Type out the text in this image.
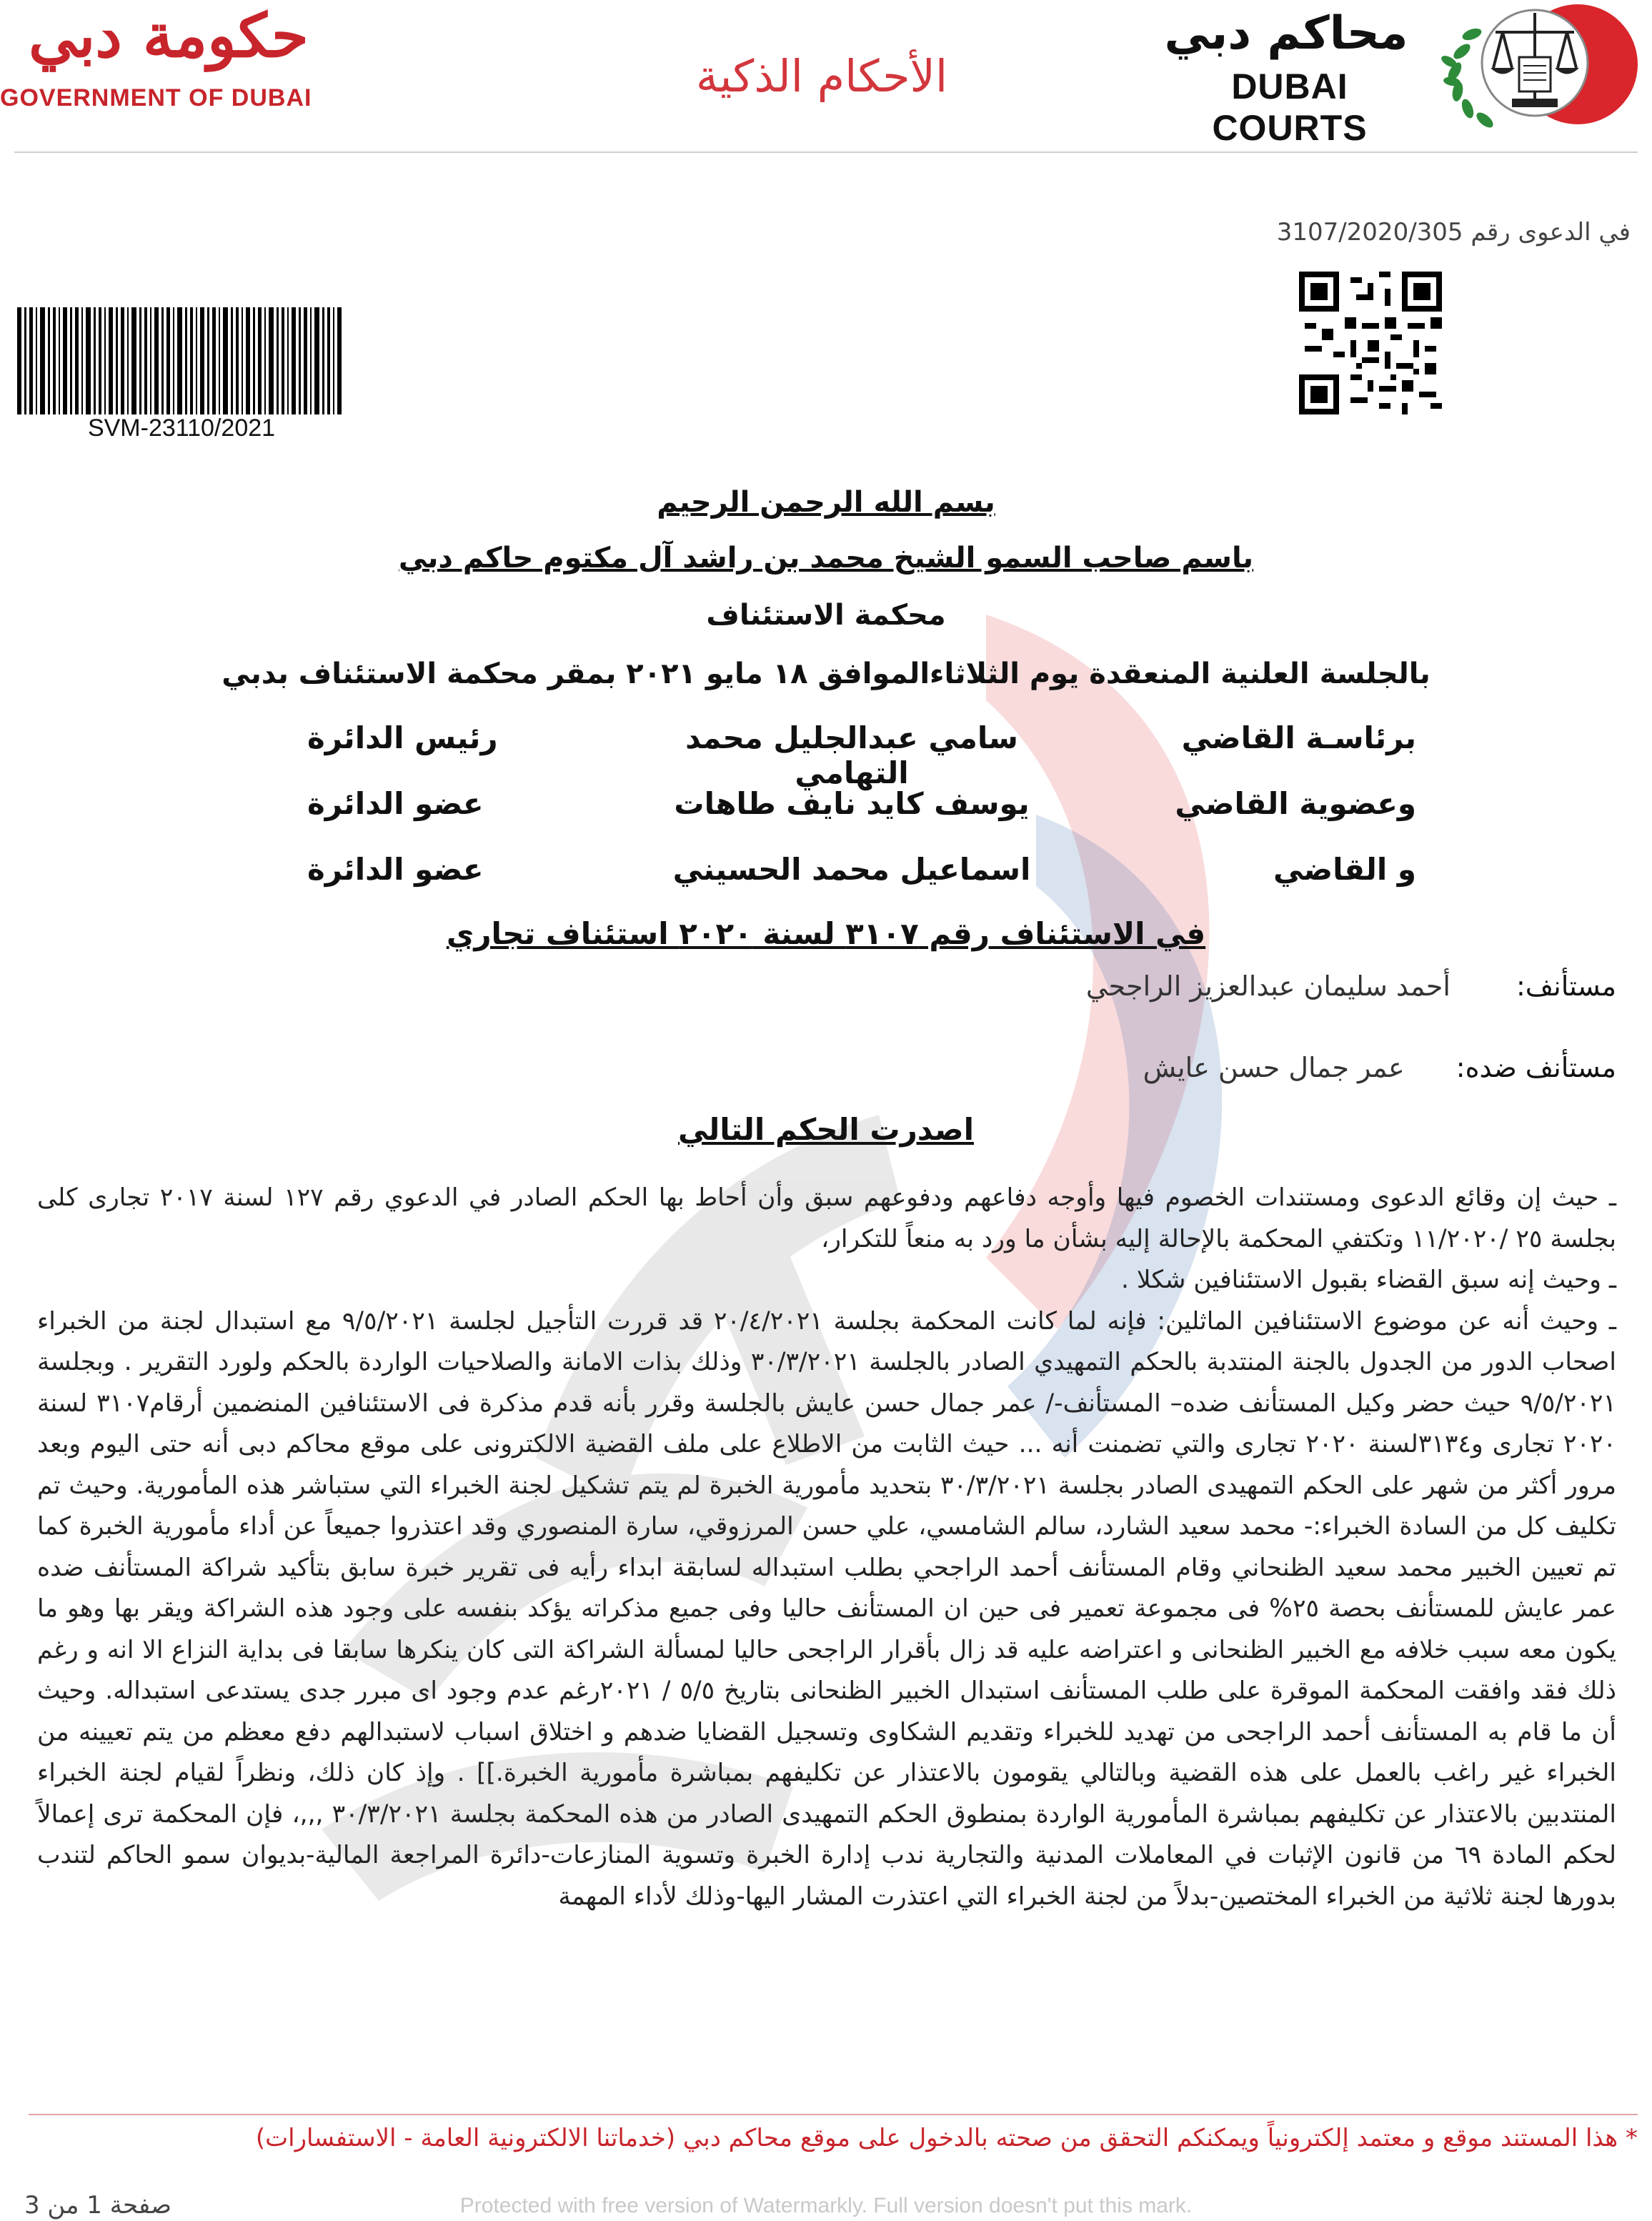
حكومة دبي
GOVERNMENT OF DUBAI	الأحكام الذكية
محاكم دبي
DUBAI COURTS
في الدعوى رقم 3107/2020/305
SVM-23110/2021
بسم الله الرحمن الرحيم
باسم صاحب السمو الشيخ محمد بن راشد آل مكتوم حاكم دبي
محكمة الاستئناف
بالجلسة العلنية المنعقدة يوم الثلاثاءالموافق ١٨ مايو ٢٠٢١ بمقر محكمة الاستئناف بدبي
برئاسـة القاضي
سامي عبدالجليل محمد التهامي
رئيس الدائرة
وعضوية القاضي
يوسف كايد نايف طاهات
عضو الدائرة
و القاضي
اسماعيل محمد الحسيني
عضو الدائرة
في الاستئناف رقم ٣١٠٧ لسنة ٢٠٢٠ استئناف تجاري
مستأنف: أحمد سليمان عبدالعزيز الراجحي
مستأنف ضده: عمر جمال حسن عايش
اصدرت الحكم التالي

ـ حيث إن وقائع الدعوى ومستندات الخصوم فيها وأوجه دفاعهم ودفوعهم سبق وأن أحاط بها الحكم الصادر في الدعوي رقم ١٢٧ لسنة ٢٠١٧ تجارى كلى بجلسة ٢٥ /١١/٢٠٢٠ وتكتفي المحكمة بالإحالة إليه بشأن ما ورد به منعاً للتكرار،

ـ وحيث إنه سبق القضاء بقبول الاستئنافين شكلا .

ـ وحيث أنه عن موضوع الاستئنافين الماثلين: فإنه لما كانت المحكمة بجلسة ٢٠/٤/٢٠٢١ قد قررت التأجيل لجلسة ٩/٥/٢٠٢١ مع استبدال لجنة من الخبراء اصحاب الدور من الجدول بالجنة المنتدبة بالحكم التمهيدي الصادر بالجلسة ٣٠/٣/٢٠٢١ وذلك بذات الامانة والصلاحيات الواردة بالحكم ولورد التقرير . وبجلسة ٩/٥/٢٠٢١ حيث حضر وكيل المستأنف ضده– المستأنف-/ عمر جمال حسن عايش بالجلسة وقرر بأنه قدم مذكرة فى الاستئنافين المنضمين أرقام٣١٠٧ لسنة ٢٠٢٠ تجارى و٣١٣٤لسنة ٢٠٢٠ تجارى والتي تضمنت أنه ... حيث الثابت من الاطلاع على ملف القضية الالكترونى على موقع محاكم دبى أنه حتى اليوم وبعد مرور أكثر من شهر على الحكم التمهيدى الصادر بجلسة ٣٠/٣/٢٠٢١ بتحديد مأمورية الخبرة لم يتم تشكيل لجنة الخبراء التي ستباشر هذه المأمورية. وحيث تم تكليف كل من السادة الخبراء:- محمد سعيد الشارد، سالم الشامسي، علي حسن المرزوقي، سارة المنصوري وقد اعتذروا جميعاً عن أداء مأمورية الخبرة كما تم تعيين الخبير محمد سعيد الظنحاني وقام المستأنف أحمد الراجحي بطلب استبداله لسابقة ابداء رأيه فى تقرير خبرة سابق بتأكيد شراكة المستأنف ضده عمر عايش للمستأنف بحصة ٢٥% فى مجموعة تعمير فى حين ان المستأنف حاليا وفى جميع مذكراته يؤكد بنفسه على وجود هذه الشراكة ويقر بها وهو ما يكون معه سبب خلافه مع الخبير الظنحانى و اعتراضه عليه قد زال بأقرار الراجحى حاليا لمسألة الشراكة التى كان ينكرها سابقا فى بداية النزاع الا انه و رغم ذلك فقد وافقت المحكمة الموقرة على طلب المستأنف استبدال الخبير الظنحانى بتاريخ ٥/٥ / ٢٠٢١رغم عدم وجود اى مبرر جدى يستدعى استبداله. وحيث أن ما قام به المستأنف أحمد الراجحى من تهديد للخبراء وتقديم الشكاوى وتسجيل القضايا ضدهم و اختلاق اسباب لاستبدالهم دفع معظم من يتم تعيينه من الخبراء غير راغب بالعمل على هذه القضية وبالتالي يقومون بالاعتذار عن تكليفهم بمباشرة مأمورية الخبرة.]] . وإذ كان ذلك، ونظراً لقيام لجنة الخبراء المنتدبين بالاعتذار عن تكليفهم بمباشرة المأمورية الواردة بمنطوق الحكم التمهيدى الصادر من هذه المحكمة بجلسة ٣٠/٣/٢٠٢١ ,,,، فإن المحكمة ترى إعمالاً لحكم المادة ٦٩ من قانون الإثبات في المعاملات المدنية والتجارية ندب إدارة الخبرة وتسوية المنازعات-دائرة المراجعة المالية-بديوان سمو الحاكم لتندب بدورها لجنة ثلاثية من الخبراء المختصين-بدلاً من لجنة الخبراء التي اعتذرت المشار اليها-وذلك لأداء المهمة

* هذا المستند موقع و معتمد إلكترونياً ويمكنكم التحقق من صحته بالدخول على موقع محاكم دبي (خدماتنا الالكترونية العامة - الاستفسارات)
Protected with free version of Watermarkly. Full version doesn't put this mark.
صفحة 1 من 3
